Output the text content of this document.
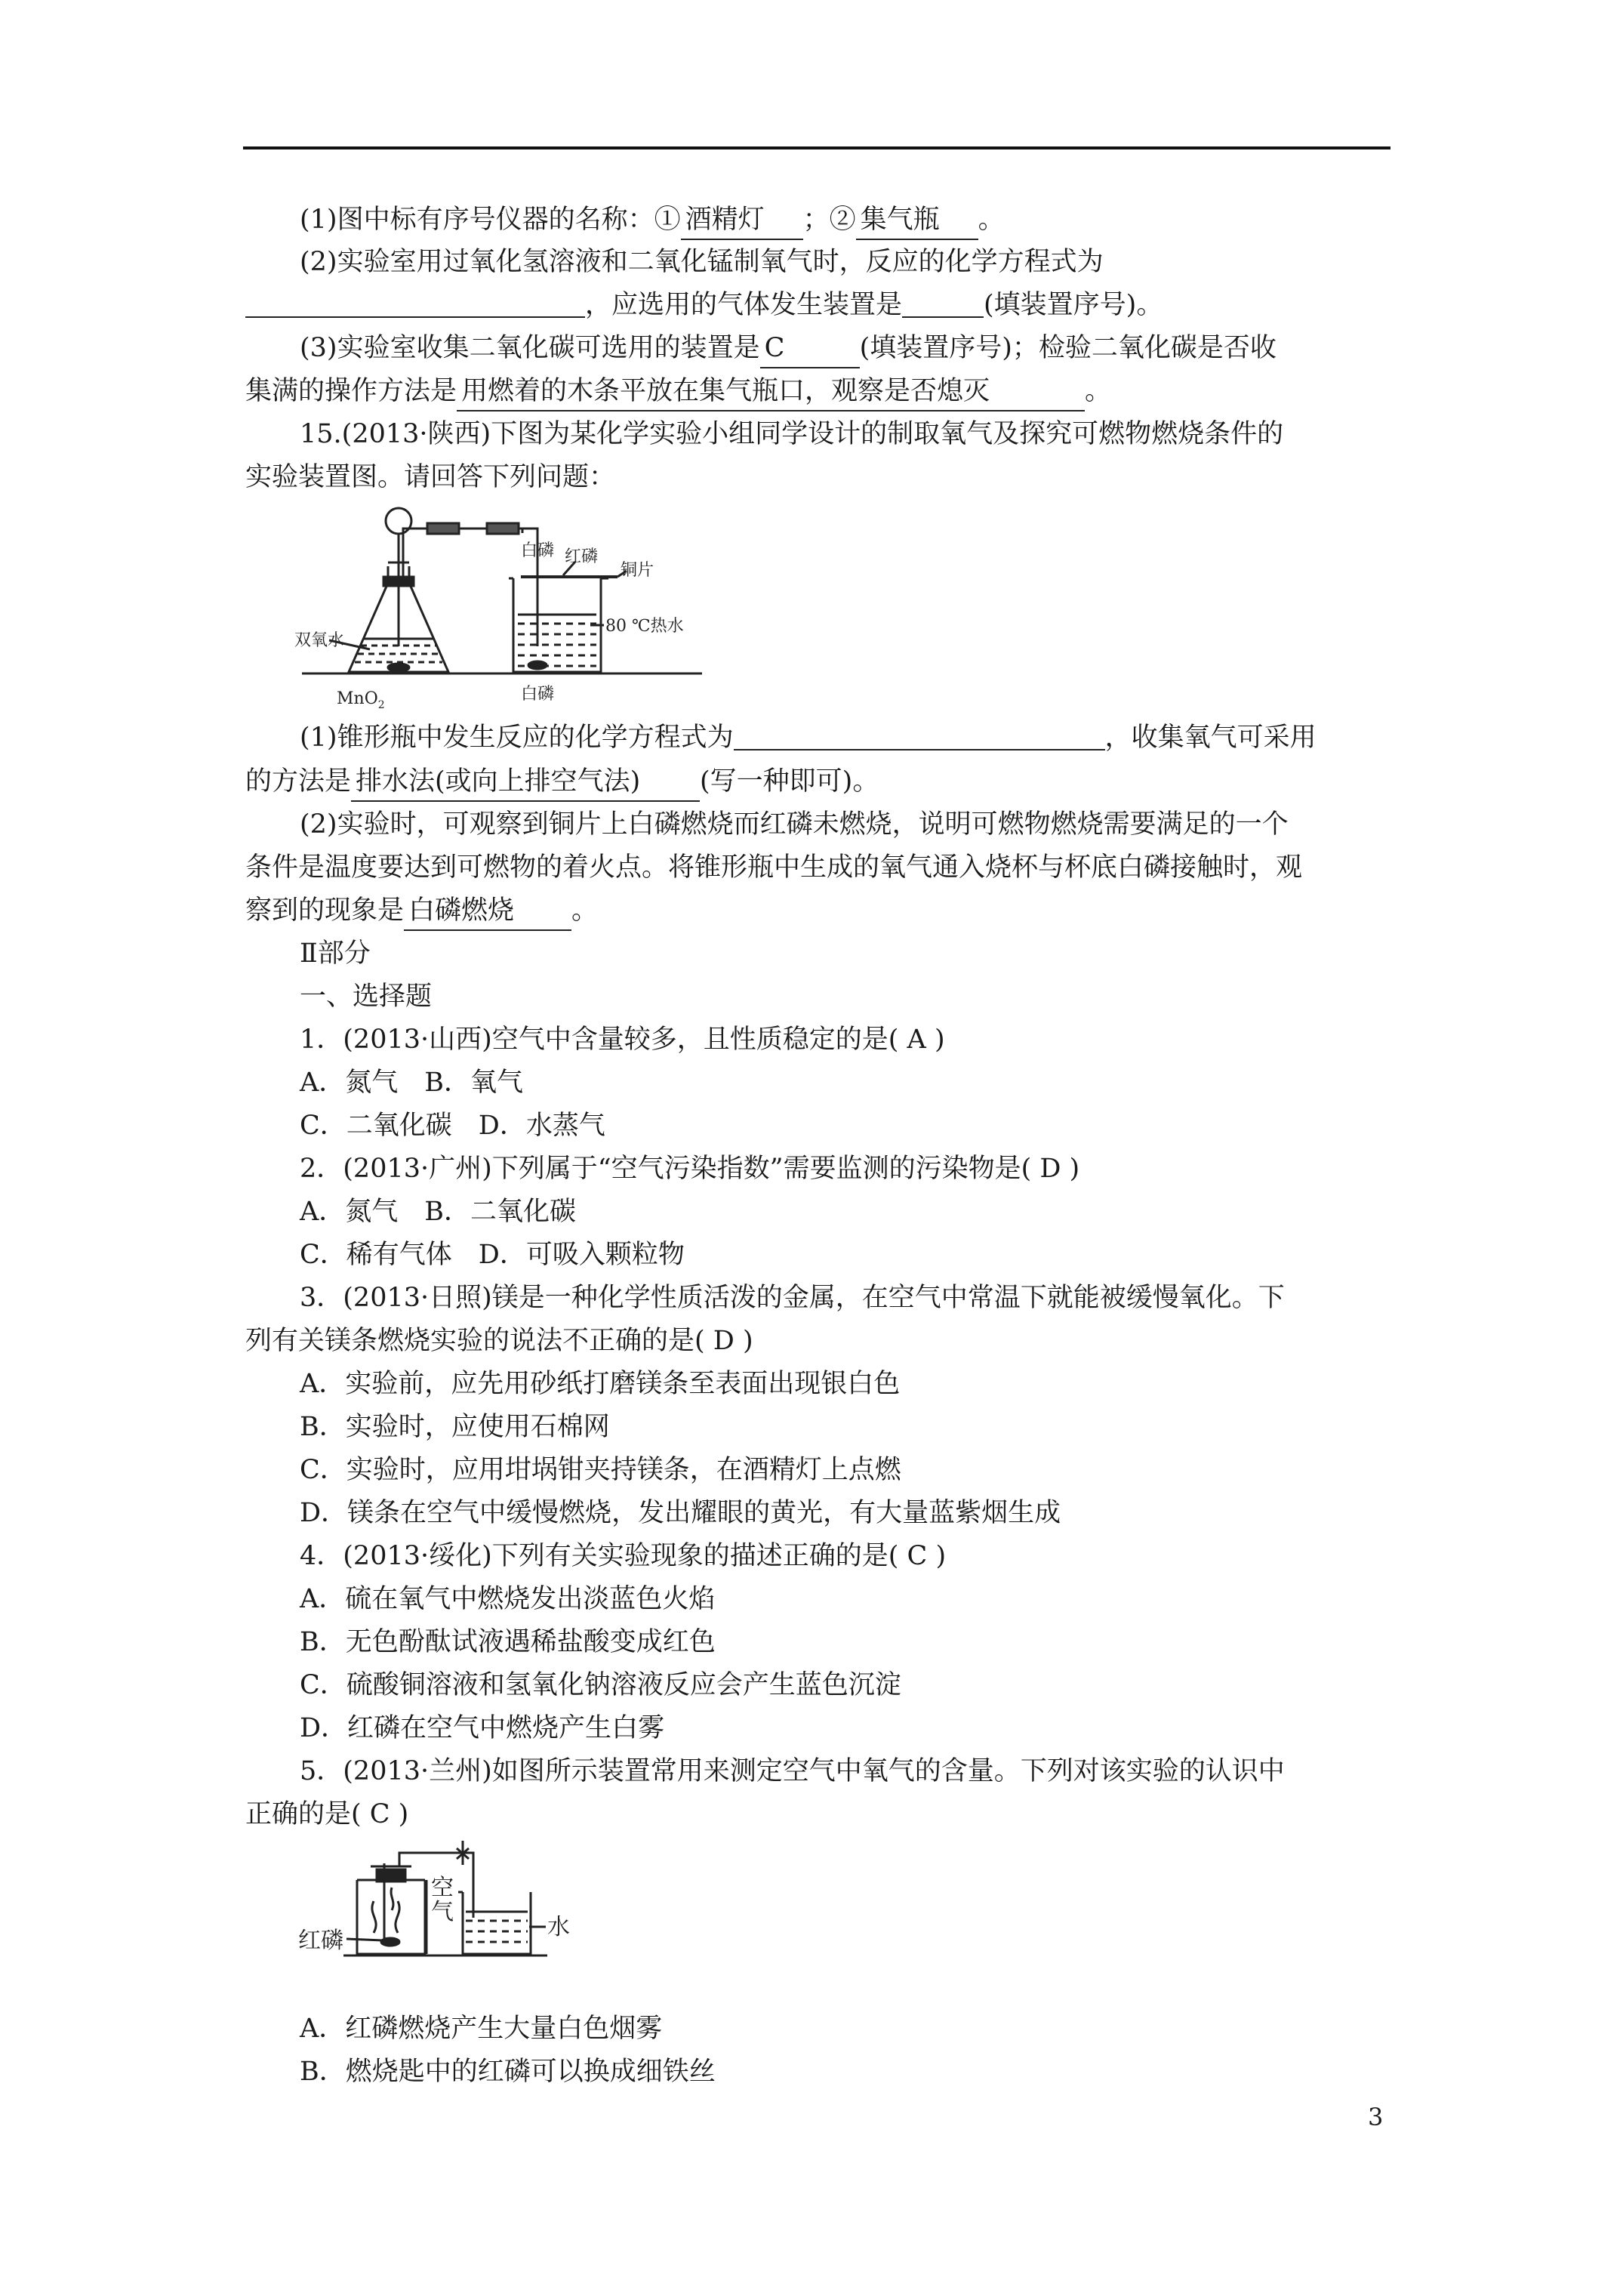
(1)图中标有序号仪器的名称：① 酒精灯 ；② 集气瓶 。
(2)实验室用过氧化氢溶液和二氧化锰制氧气时，反应的化学方程式为
，应选用的气体发生装置是	(填装置序号)。
(3)实验室收集二氧化碳可选用的装置是 C	(填装置序号)；检验二氧化碳是否收
集满的操作方法是 用燃着的木条平放在集气瓶口，观察是否熄灭	。
15.(2013·陕西)下图为某化学实验小组同学设计的制取氧气及探究可燃物燃烧条件的
实验装置图。请回答下列问题：
双氧水
MnO$_2$
白磷 红磷
铜片
80 ℃热水
白磷
(1)锥形瓶中发生反应的化学方程式为	，收集氧气可采用
的方法是 排水法(或向上排空气法) (写一种即可)。
(2)实验时，可观察到铜片上白磷燃烧而红磷未燃烧，说明可燃物燃烧需要满足的一个
条件是温度要达到可燃物的着火点。将锥形瓶中生成的氧气通入烧杯与杯底白磷接触时，观
察到的现象是 白磷燃烧 。
Ⅱ部分
一、选择题
1．(2013·山西)空气中含量较多，且性质稳定的是( A )
A．氮气　B．氧气
C．二氧化碳　D．水蒸气
2．(2013·广州)下列属于“空气污染指数”需要监测的污染物是( D )
A．氮气　B．二氧化碳
C．稀有气体　D．可吸入颗粒物
3．(2013·日照)镁是一种化学性质活泼的金属，在空气中常温下就能被缓慢氧化。下
列有关镁条燃烧实验的说法不正确的是( D )
A．实验前，应先用砂纸打磨镁条至表面出现银白色
B．实验时，应使用石棉网
C．实验时，应用坩埚钳夹持镁条，在酒精灯上点燃
D．镁条在空气中缓慢燃烧，发出耀眼的黄光，有大量蓝紫烟生成
4．(2013·绥化)下列有关实验现象的描述正确的是( C )
A．硫在氧气中燃烧发出淡蓝色火焰
B．无色酚酞试液遇稀盐酸变成红色
C．硫酸铜溶液和氢氧化钠溶液反应会产生蓝色沉淀
D．红磷在空气中燃烧产生白雾
5．(2013·兰州)如图所示装置常用来测定空气中氧气的含量。下列对该实验的认识中
正确的是( C )
红磷
空
气
水
A．红磷燃烧产生大量白色烟雾
B．燃烧匙中的红磷可以换成细铁丝
3
